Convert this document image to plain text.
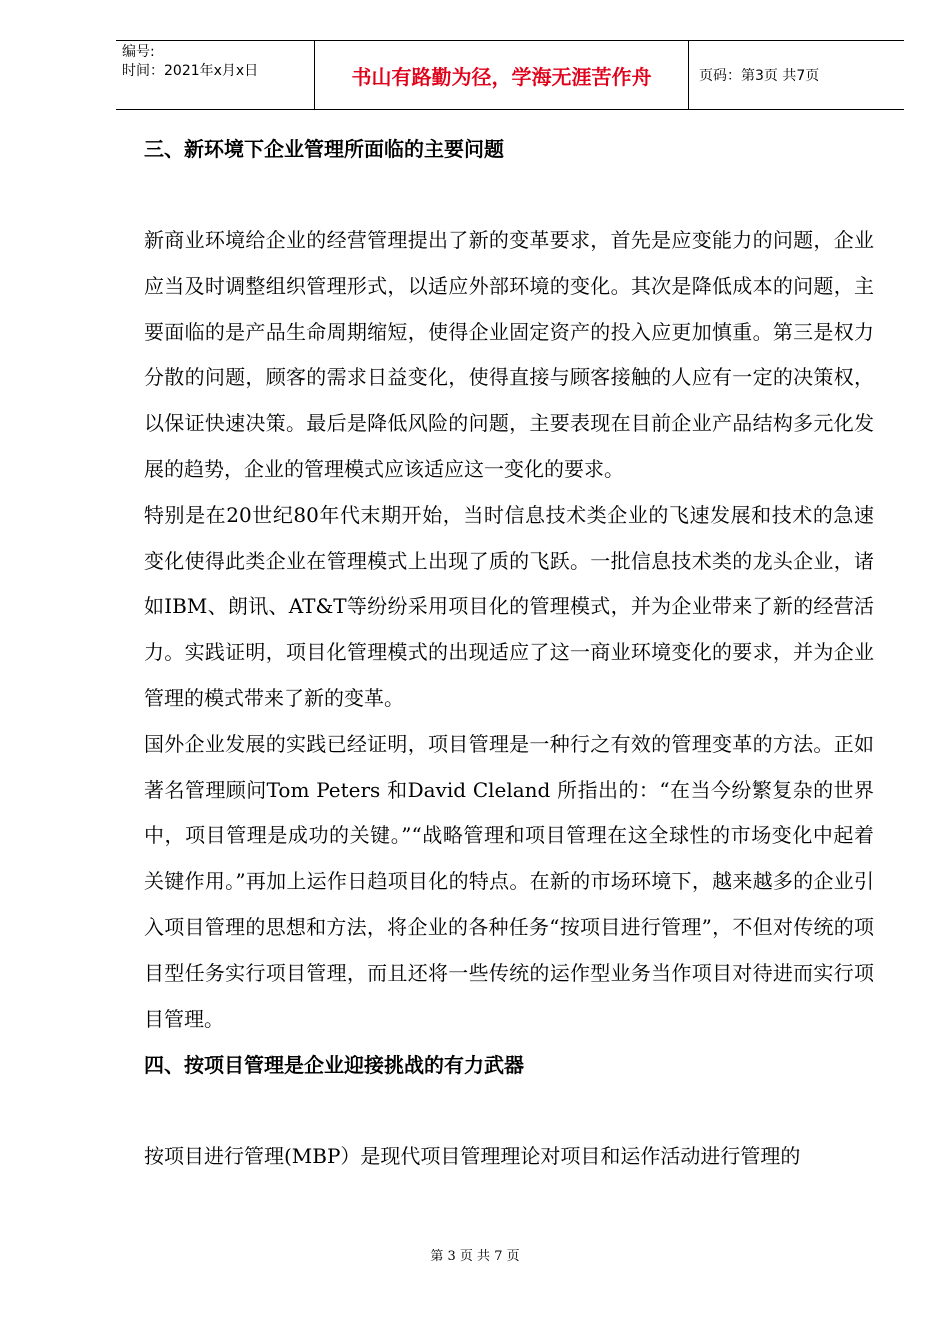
编号:
时间：2021年x月x日	书山有路勤为径，学海无涯苦作舟	页码：第3页 共7页
三、新环境下企业管理所面临的主要问题

新商业环境给企业的经营管理提出了新的变革要求，首先是应变能力的问题，企业应当及时调整组织管理形式，以适应外部环境的变化。其次是降低成本的问题，主要面临的是产品生命周期缩短，使得企业固定资产的投入应更加慎重。第三是权力分散的问题，顾客的需求日益变化，使得直接与顾客接触的人应有一定的决策权，以保证快速决策。最后是降低风险的问题，主要表现在目前企业产品结构多元化发展的趋势，企业的管理模式应该适应这一变化的要求。

特别是在20世纪80年代末期开始，当时信息技术类企业的飞速发展和技术的急速变化使得此类企业在管理模式上出现了质的飞跃。一批信息技术类的龙头企业，诸如IBM、朗讯、AT&T等纷纷采用项目化的管理模式，并为企业带来了新的经营活力。实践证明，项目化管理模式的出现适应了这一商业环境变化的要求，并为企业管理的模式带来了新的变革。

国外企业发展的实践已经证明，项目管理是一种行之有效的管理变革的方法。正如著名管理顾问Tom Peters 和David Cleland 所指出的：“在当今纷繁复杂的世界中，项目管理是成功的关键。”“战略管理和项目管理在这全球性的市场变化中起着关键作用。”再加上运作日趋项目化的特点。在新的市场环境下，越来越多的企业引入项目管理的思想和方法，将企业的各种任务“按项目进行管理”，不但对传统的项目型任务实行项目管理，而且还将一些传统的运作型业务当作项目对待进而实行项目管理。

四、按项目管理是企业迎接挑战的有力武器

按项目进行管理(MBP）是现代项目管理理论对项目和运作活动进行管理的

第 3 页 共 7 页
